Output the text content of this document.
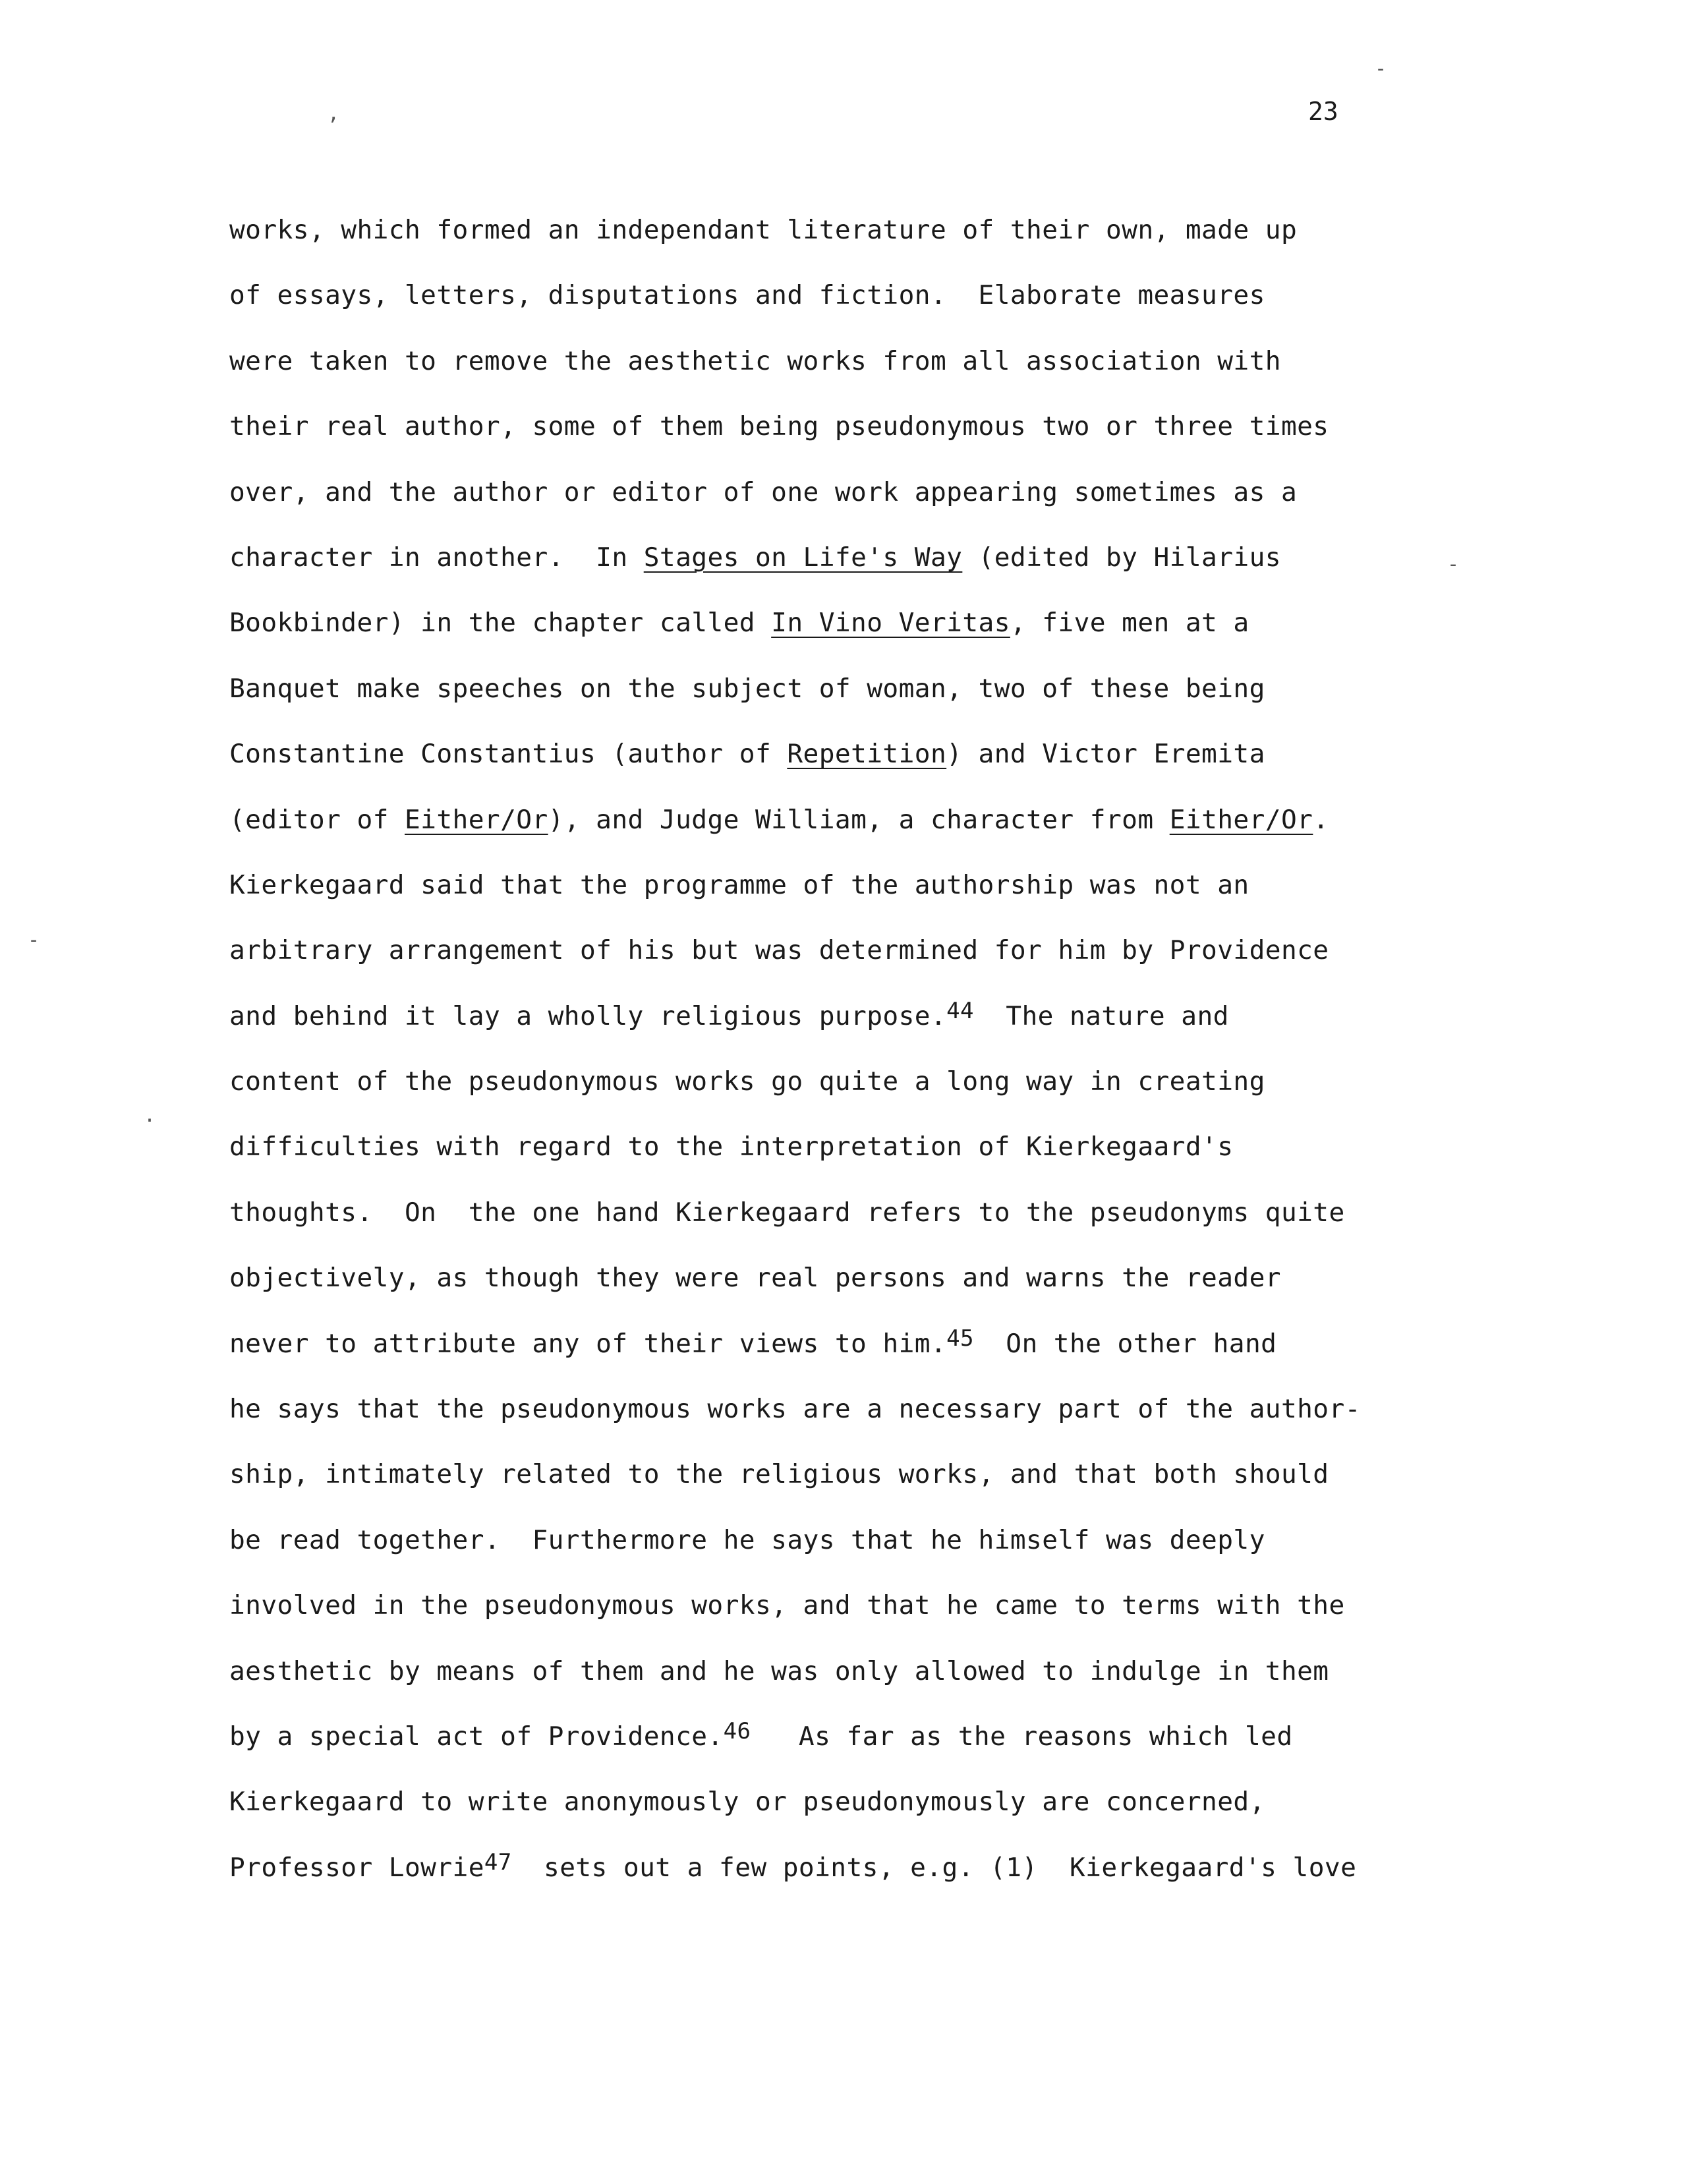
,
-
-
-
.
23
works, which formed an independant literature of their own, made up
of essays, letters, disputations and fiction.  Elaborate measures
were taken to remove the aesthetic works from all association with
their real author, some of them being pseudonymous two or three times
over, and the author or editor of one work appearing sometimes as a
character in another.  In Stages on Life's Way (edited by Hilarius
Bookbinder) in the chapter called In Vino Veritas, five men at a
Banquet make speeches on the subject of woman, two of these being
Constantine Constantius (author of Repetition) and Victor Eremita
(editor of Either/Or), and Judge William, a character from Either/Or.
Kierkegaard said that the programme of the authorship was not an
arbitrary arrangement of his but was determined for him by Providence
and behind it lay a wholly religious purpose.$^{44}$  The nature and
content of the pseudonymous works go quite a long way in creating
difficulties with regard to the interpretation of Kierkegaard's
thoughts.  On  the one hand Kierkegaard refers to the pseudonyms quite
objectively, as though they were real persons and warns the reader
never to attribute any of their views to him.$^{45}$  On the other hand
he says that the pseudonymous works are a necessary part of the author-
ship, intimately related to the religious works, and that both should
be read together.  Furthermore he says that he himself was deeply
involved in the pseudonymous works, and that he came to terms with the
aesthetic by means of them and he was only allowed to indulge in them
by a special act of Providence.$^{46}$   As far as the reasons which led
Kierkegaard to write anonymously or pseudonymously are concerned,
Professor Lowrie$^{47}$  sets out a few points, e.g. (1)  Kierkegaard's love
